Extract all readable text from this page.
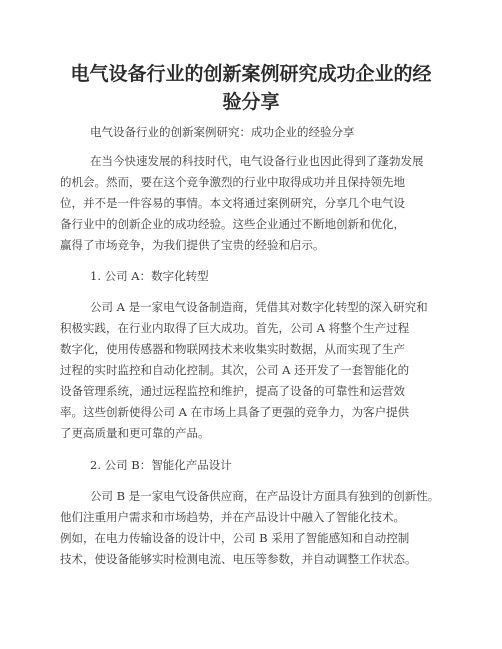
电气设备行业的创新案例研究成功企业的经
验分享
电气设备行业的创新案例研究：成功企业的经验分享
在当今快速发展的科技时代，电气设备行业也因此得到了蓬勃发展
的机会。然而，要在这个竞争激烈的行业中取得成功并且保持领先地
位，并不是一件容易的事情。本文将通过案例研究，分享几个电气设
备行业中的创新企业的成功经验。这些企业通过不断地创新和优化，
赢得了市场竞争，为我们提供了宝贵的经验和启示。
1. 公司 A：数字化转型
公司 A 是一家电气设备制造商，凭借其对数字化转型的深入研究和
积极实践，在行业内取得了巨大成功。首先，公司 A 将整个生产过程
数字化，使用传感器和物联网技术来收集实时数据，从而实现了生产
过程的实时监控和自动化控制。其次，公司 A 还开发了一套智能化的
设备管理系统，通过远程监控和维护，提高了设备的可靠性和运营效
率。这些创新使得公司 A 在市场上具备了更强的竞争力，为客户提供
了更高质量和更可靠的产品。
2. 公司 B：智能化产品设计
公司 B 是一家电气设备供应商，在产品设计方面具有独到的创新性。
他们注重用户需求和市场趋势，并在产品设计中融入了智能化技术。
例如，在电力传输设备的设计中，公司 B 采用了智能感知和自动控制
技术，使设备能够实时检测电流、电压等参数，并自动调整工作状态。
